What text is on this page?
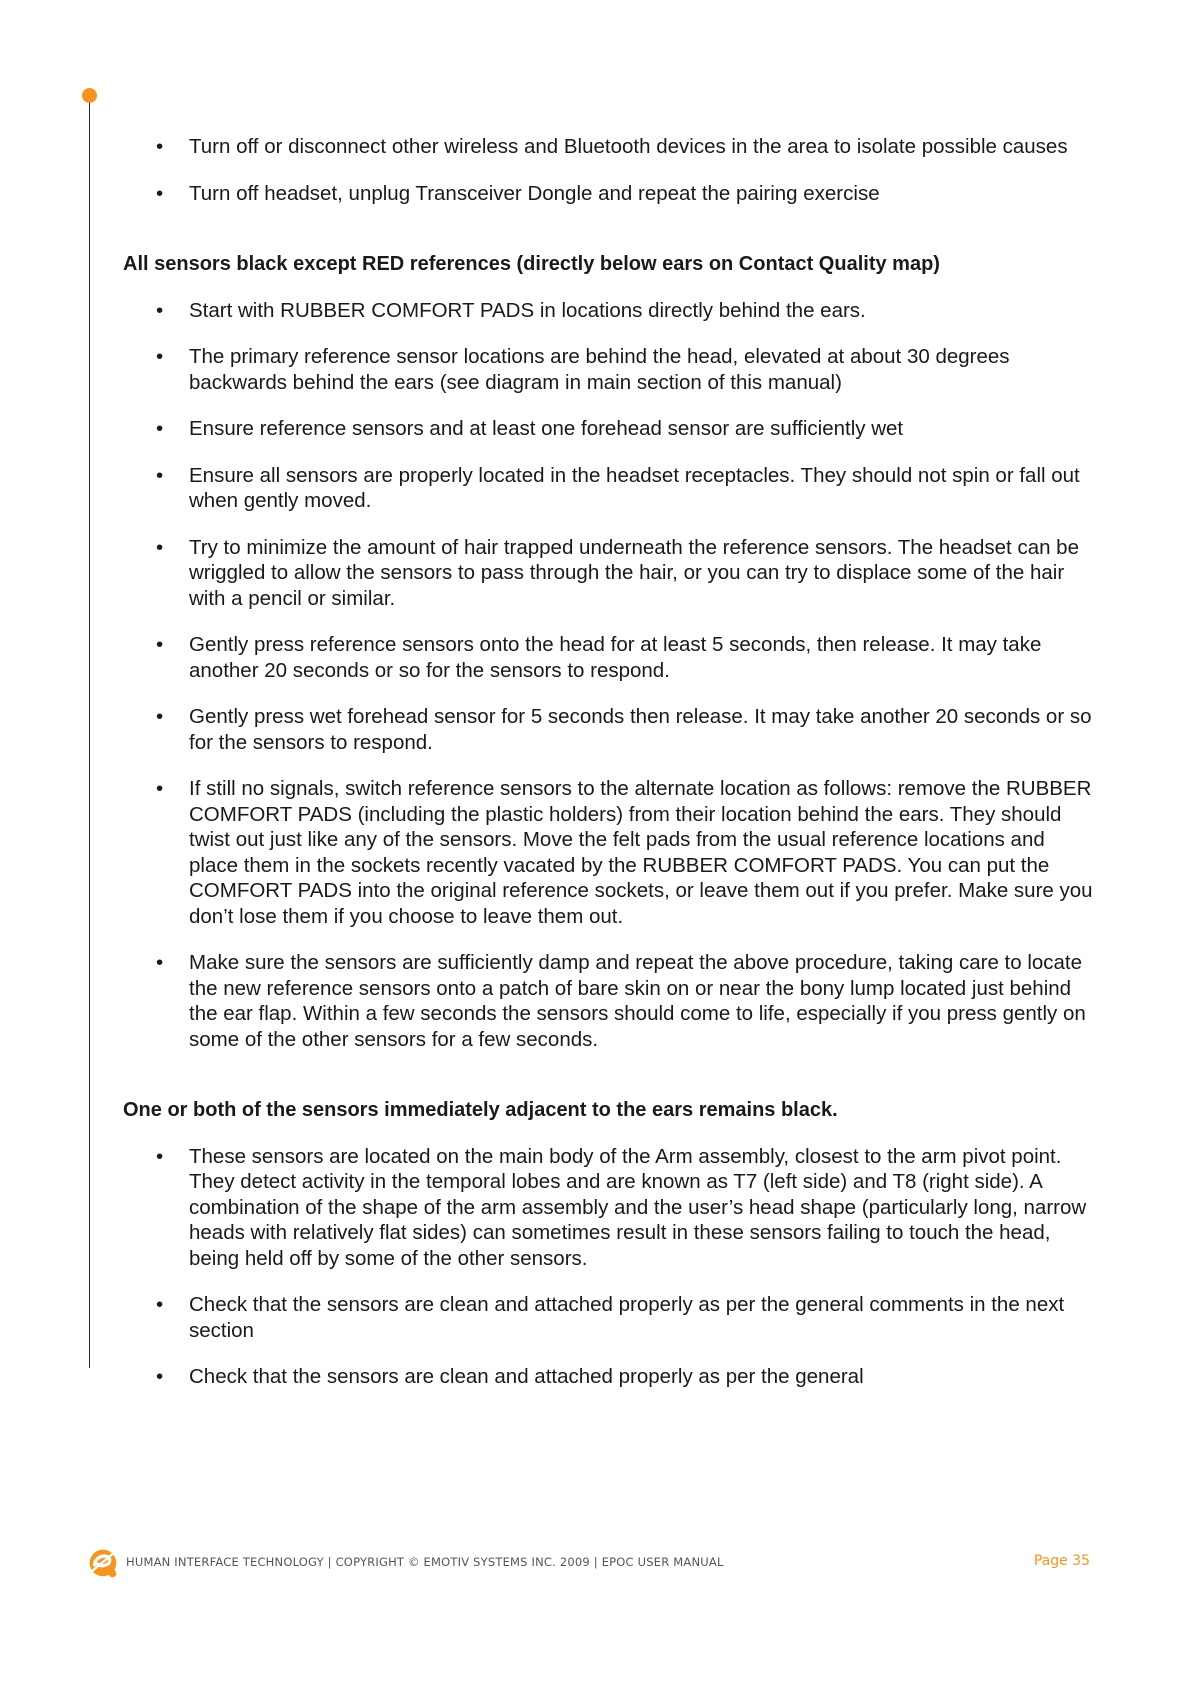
• Turn off or disconnect other wireless and Bluetooth devices in the area to isolate possible causes
• Turn off headset, unplug Transceiver Dongle and repeat the pairing exercise
All sensors black except RED references (directly below ears on Contact Quality map)
• Start with RUBBER COMFORT PADS in locations directly behind the ears.
• The primary reference sensor locations are behind the head, elevated at about 30 degrees backwards behind the ears (see diagram in main section of this manual)
• Ensure reference sensors and at least one forehead sensor are sufficiently wet
• Ensure all sensors are properly located in the headset receptacles. They should not spin or fall out when gently moved.
• Try to minimize the amount of hair trapped underneath the reference sensors. The headset can be wriggled to allow the sensors to pass through the hair, or you can try to displace some of the hair with a pencil or similar.
• Gently press reference sensors onto the head for at least 5 seconds, then release. It may take another 20 seconds or so for the sensors to respond.
• Gently press wet forehead sensor for 5 seconds then release. It may take another 20 seconds or so for the sensors to respond.
• If still no signals, switch reference sensors to the alternate location as follows: remove the RUBBER COMFORT PADS (including the plastic holders) from their location behind the ears. They should twist out just like any of the sensors. Move the felt pads from the usual reference locations and place them in the sockets recently vacated by the RUBBER COMFORT PADS. You can put the COMFORT PADS into the original reference sockets, or leave them out if you prefer. Make sure you don’t lose them if you choose to leave them out.
• Make sure the sensors are sufficiently damp and repeat the above procedure, taking care to locate the new reference sensors onto a patch of bare skin on or near the bony lump located just behind the ear flap. Within a few seconds the sensors should come to life, especially if you press gently on some of the other sensors for a few seconds.
One or both of the sensors immediately adjacent to the ears remains black.
• These sensors are located on the main body of the Arm assembly, closest to the arm pivot point. They detect activity in the temporal lobes and are known as T7 (left side) and T8 (right side). A combination of the shape of the arm assembly and the user’s head shape (particularly long, narrow heads with relatively flat sides) can sometimes result in these sensors failing to touch the head, being held off by some of the other sensors.
• Check that the sensors are clean and attached properly as per the general comments in the next section
• Check that the sensors are clean and attached properly as per the general
HUMAN INTERFACE TECHNOLOGY | COPYRIGHT © EMOTIV SYSTEMS INC. 2009 | EPOC USER MANUAL	Page 35
